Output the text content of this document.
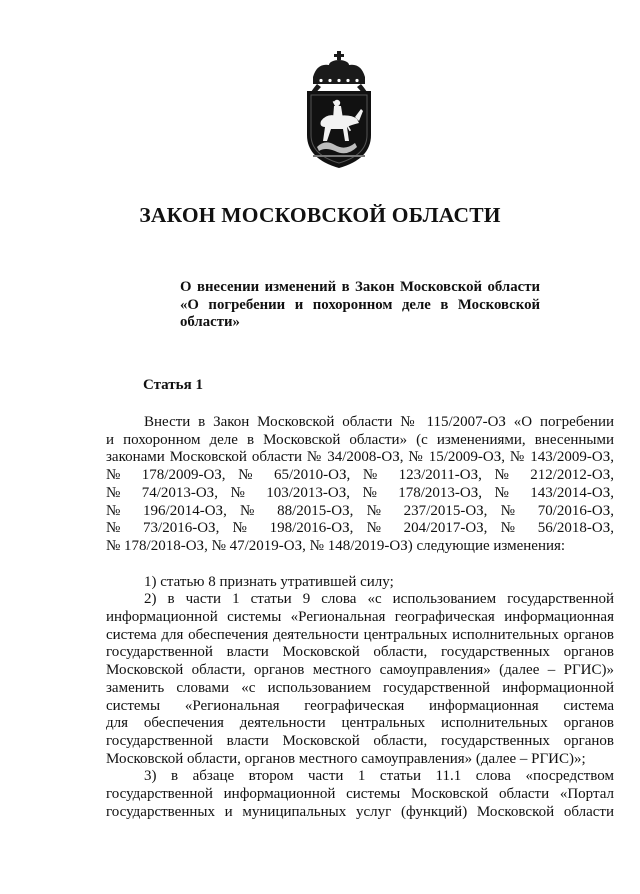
ЗАКОН МОСКОВСКОЙ ОБЛАСТИ
О внесении изменений в Закон Московской области
«О погребении и похоронном деле в Московской
области»
Статья 1
Внести в Закон Московской области № 115/2007-ОЗ «О погребении
и похоронном деле в Московской области» (с изменениями, внесенными
законами Московской области № 34/2008-ОЗ, № 15/2009-ОЗ, № 143/2009-ОЗ,
№ 178/2009-ОЗ, № 65/2010-ОЗ, № 123/2011-ОЗ, № 212/2012-ОЗ,
№ 74/2013-ОЗ, № 103/2013-ОЗ, № 178/2013-ОЗ, № 143/2014-ОЗ,
№ 196/2014-ОЗ, № 88/2015-ОЗ, № 237/2015-ОЗ, № 70/2016-ОЗ,
№ 73/2016-ОЗ, № 198/2016-ОЗ, № 204/2017-ОЗ, № 56/2018-ОЗ,
№ 178/2018-ОЗ, № 47/2019-ОЗ, № 148/2019-ОЗ) следующие изменения:
1) статью 8 признать утратившей силу;
2) в части 1 статьи 9 слова «с использованием государственной
информационной системы «Региональная географическая информационная
система для обеспечения деятельности центральных исполнительных органов
государственной власти Московской области, государственных органов
Московской области, органов местного самоуправления» (далее – РГИС)»
заменить словами «с использованием государственной информационной
системы «Региональная географическая информационная система
для обеспечения деятельности центральных исполнительных органов
государственной власти Московской области, государственных органов
Московской области, органов местного самоуправления» (далее – РГИС)»;
3) в абзаце втором части 1 статьи 11.1 слова «посредством
государственной информационной системы Московской области «Портал
государственных и муниципальных услуг (функций) Московской области
